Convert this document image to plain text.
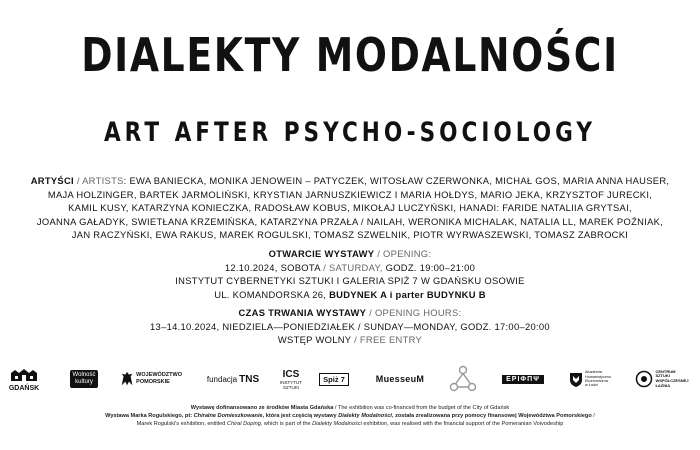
DIALEKTY MODALNOŚCI
ART AFTER PSYCHO-SOCIOLOGY
ARTYŚCI / ARTISTS: EWA BANIECKA, MONIKA JENOWEIN – PATYCZEK, WITOSŁAW CZERWONKA, MICHAŁ GOS, MARIA ANNA HAUSER,
MAJA HOLZINGER, BARTEK JARMOLIŃSKI, KRYSTIAN JARNUSZKIEWICZ I MARIA HOŁDYS, MARIO JEKA, KRZYSZTOF JURECKI,
KAMIL KUSY, KATARZYNA KONIECZKA, RADOSŁAW KOBUS, MIKOŁAJ LUCZYŃSKI, HANADI: FARIDE NATALIIA GRYTSAI,
JOANNA GAŁADYK, SWIETŁANA KRZEMIŃSKA, KATARZYNA PRZAŁA / NAILAH, WERONIKA MICHALAK, NATALIA LL, MAREK POŹNIAK,
JAN RACZYŃSKI, EWA RAKUS, MAREK ROGULSKI, TOMASZ SZWELNIK, PIOTR WYRWASZEWSKI, TOMASZ ZABROCKI
OTWARCIE WYSTAWY / OPENING:
12.10.2024, SOBOTA / SATURDAY, GODZ. 19:00–21:00
INSTYTUT CYBERNETYKI SZTUKI I GALERIA SPIŻ 7 W GDAŃSKU OSOWIE
UL. KOMANDORSKA 26, BUDYNEK A i parter BUDYNKU B
CZAS TRWANIA WYSTAWY / OPENING HOURS:
13–14.10.2024, NIEDZIELA—PONIEDZIAŁEK / SUNDAY—MONDAY, GODZ. 17:00–20:00
WSTĘP WOLNY / FREE ENTRY
GDAŃSK
Wolność
kultury
WOJEWÓDZTWO
POMORSKIE	fundacja TNS ICS
INSTYTUT
SZTUKI
Spiż 7	MuesseuM	EPIΦΠΨ
Akademia
Humanistyczno
Ekonomiczna
w Łodzi
CENTRUM
SZTUKI
WSPÓŁCZESNEJ
ŁAŹNIA
Wystawę dofinansowano ze środków Miasta Gdańska / The exhibition was co-financed from the budget of the City of Gdańsk
Wystawa Marka Rogulskiego, pt: Chiralne Domieszkowanie, która jest częścią wystawy Dialekty Modalności, została zrealizowana przy pomocy finansowej Województwa Pomorskiego /
Marek Rogulski's exhibition, entitled Chiral Doping, which is part of the Dialekty Modalności exhibition, was realised with the financial support of the Pomeranian Voivodeship
